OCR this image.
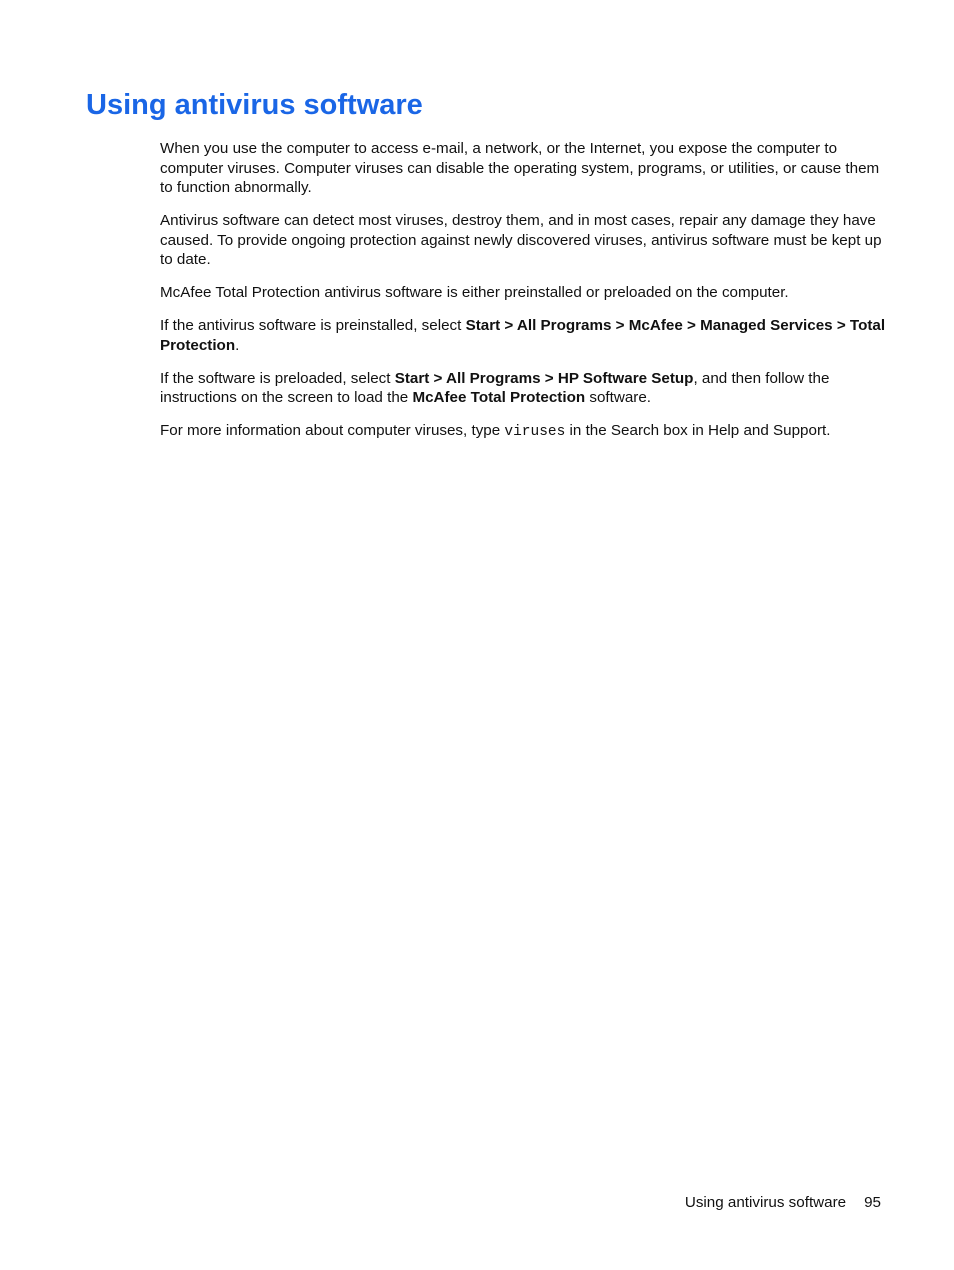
Using antivirus software

When you use the computer to access e-mail, a network, or the Internet, you expose the computer to computer viruses. Computer viruses can disable the operating system, programs, or utilities, or cause them to function abnormally.

Antivirus software can detect most viruses, destroy them, and in most cases, repair any damage they have caused. To provide ongoing protection against newly discovered viruses, antivirus software must be kept up to date.

McAfee Total Protection antivirus software is either preinstalled or preloaded on the computer.

If the antivirus software is preinstalled, select Start > All Programs > McAfee > Managed Services > Total Protection.

If the software is preloaded, select Start > All Programs > HP Software Setup, and then follow the instructions on the screen to load the McAfee Total Protection software.

For more information about computer viruses, type viruses in the Search box in Help and Support.

Using antivirus software 95
